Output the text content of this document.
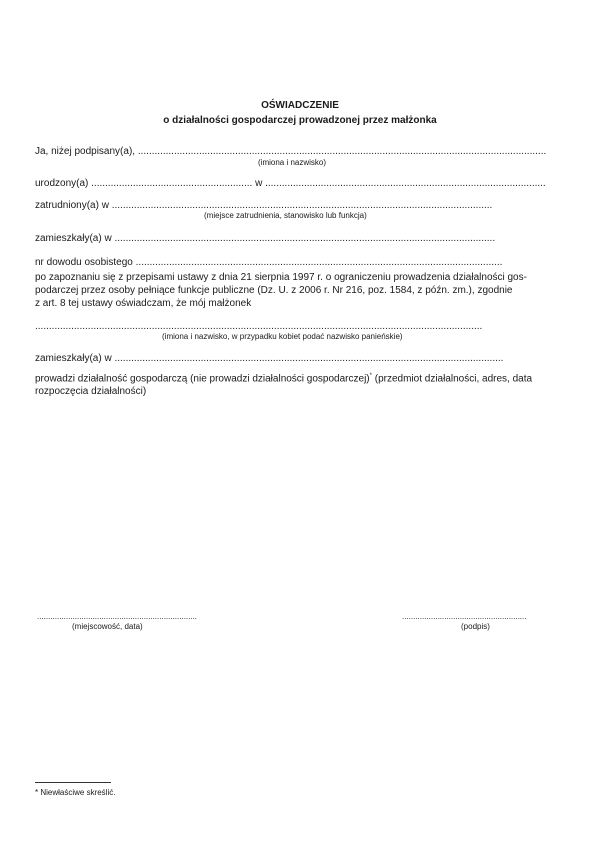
OŚWIADCZENIE
o działalności gospodarczej prowadzonej przez małżonka
Ja, niżej podpisany(a), ...................................................................................................................................................
(imiona i nazwisko)
urodzony(a) .......................................................... w .....................................................................................................
zatrudniony(a) w .........................................................................................................................................
(miejsce zatrudnienia, stanowisko lub funkcja)
zamieszkały(a) w .........................................................................................................................................
nr dowodu osobistego ....................................................................................................................................
po zapoznaniu się z przepisami ustawy z dnia 21 sierpnia 1997 r. o ograniczeniu prowadzenia działalności gos-
podarczej przez osoby pełniące funkcje publiczne (Dz. U. z 2006 r. Nr 216, poz. 1584, z późn. zm.), zgodnie
z art. 8 tej ustawy oświadczam, że mój małżonek
.................................................................................................................................................................
(imiona i nazwisko, w przypadku kobiet podać nazwisko panieńskie)
zamieszkały(a) w ............................................................................................................................................
prowadzi działalność gospodarczą (nie prowadzi działalności gospodarczej)* (przedmiot działalności, adres, data
rozpoczęcia działalności)
........................................................................
(miejscowość, data)
........................................................
(podpis)
* Niewłaściwe skreślić.
